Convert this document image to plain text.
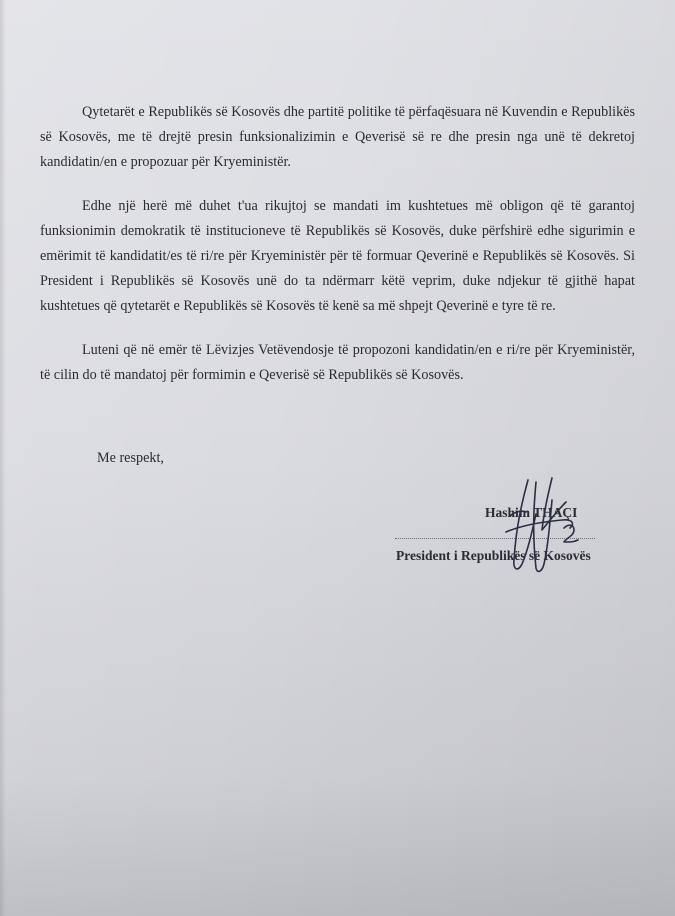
Qytetarët e Republikës së Kosovës dhe partitë politike të përfaqësuara në Kuvendin e Republikës së Kosovës, me të drejtë presin funksionalizimin e Qeverisë së re dhe presin nga unë të dekretoj kandidatin/en e propozuar për Kryeministër.

Edhe një herë më duhet t'ua rikujtoj se mandati im kushtetues më obligon që të garantoj funksionimin demokratik të institucioneve të Republikës së Kosovës, duke përfshirë edhe sigurimin e emërimit të kandidatit/es të ri/re për Kryeministër për të formuar Qeverinë e Republikës së Kosovës. Si President i Republikës së Kosovës unë do ta ndërmarr këtë veprim, duke ndjekur të gjithë hapat kushtetues që qytetarët e Republikës së Kosovës të kenë sa më shpejt Qeverinë e tyre të re.

Luteni që në emër të Lëvizjes Vetëvendosje të propozoni kandidatin/en e ri/re për Kryeministër, të cilin do të mandatoj për formimin e Qeverisë së Republikës së Kosovës.

Me respekt,

Hashim THAÇI

President i Republikës së Kosovës
